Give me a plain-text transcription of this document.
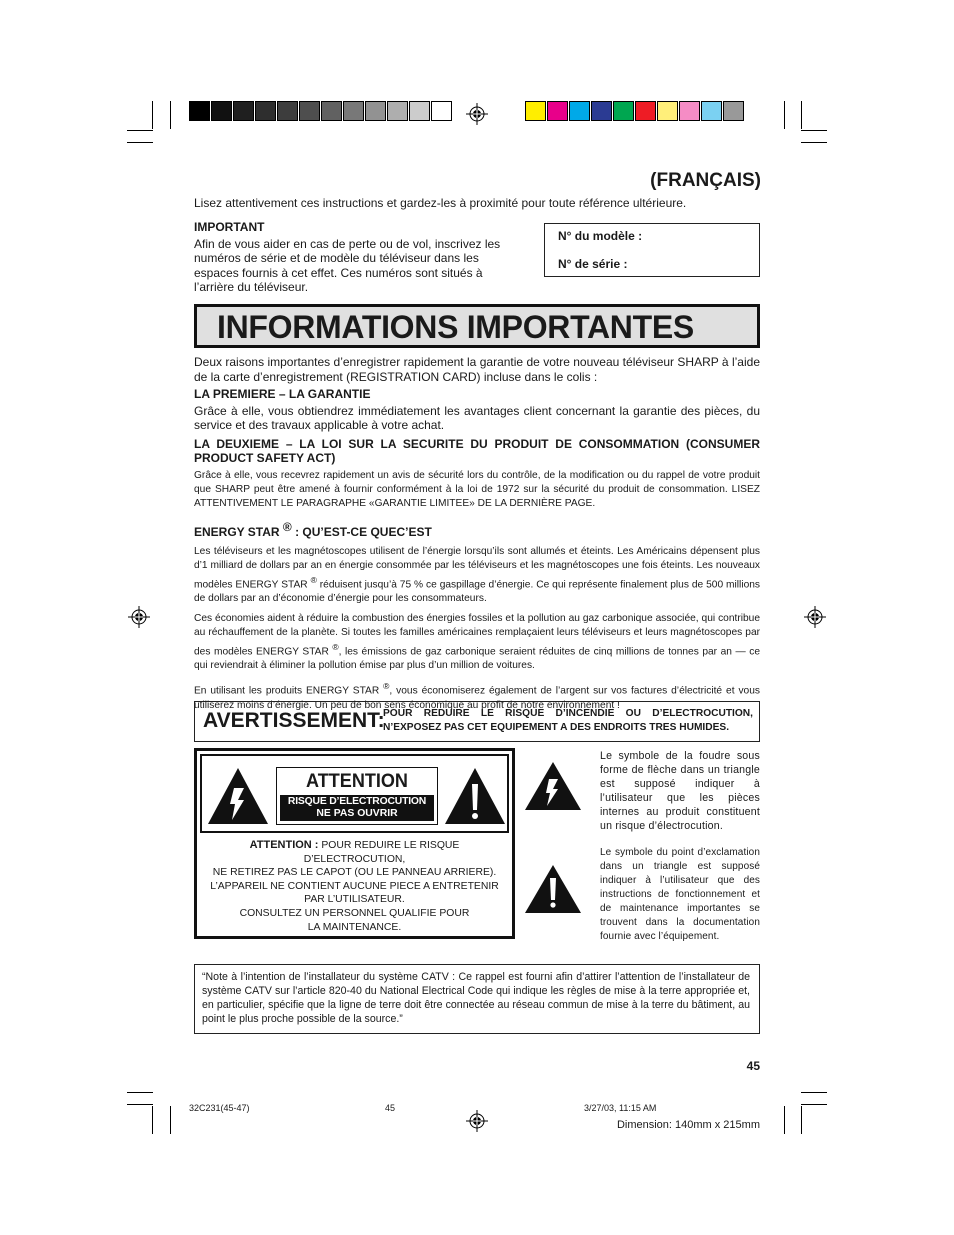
(FRANÇAIS)

Lisez attentivement ces instructions et gardez-les à proximité pour toute référence ultérieure.

IMPORTANT

Afin de vous aider en cas de perte ou de vol, inscrivez les numéros de série et de modèle du téléviseur dans les espaces fournis à cet effet. Ces numéros sont situés à l’arrière du téléviseur.

N° du modèle :

N° de série :

INFORMATIONS IMPORTANTES

Deux raisons importantes d’enregistrer rapidement la garantie de votre nouveau téléviseur SHARP à l’aide de la carte d’enregistrement (REGISTRATION CARD) incluse dans le colis :

LA PREMIERE – LA GARANTIE

Grâce à elle, vous obtiendrez immédiatement les avantages client concernant la garantie des pièces, du service et des travaux applicable à votre achat.

LA DEUXIEME – LA LOI SUR LA SECURITE DU PRODUIT DE CONSOMMATION (CONSUMER PRODUCT SAFETY ACT)

Grâce à elle, vous recevrez rapidement un avis de sécurité lors du contrôle, de la modification ou du rappel de votre produit que SHARP peut être amené à fournir conformément à la loi de 1972 sur la sécurité du produit de consommation. LISEZ ATTENTIVEMENT LE PARAGRAPHE «GARANTIE LIMITEE» DE LA DERNIÈRE PAGE.

ENERGY STAR ® : QU’EST-CE QUEC’EST

Les téléviseurs et les magnétoscopes utilisent de l’énergie lorsqu’ils sont allumés et éteints. Les Américains dépensent plus d’1 milliard de dollars par an en énergie consommée par les téléviseurs et les magnétoscopes une fois éteints. Les nouveaux modèles ENERGY STAR ® réduisent jusqu’à 75 % ce gaspillage d’énergie. Ce qui représente finalement plus de 500 millions de dollars par an d’économie d’énergie pour les consommateurs.

Ces économies aident à réduire la combustion des énergies fossiles et la pollution au gaz carbonique associée, qui contribue au réchauffement de la planète. Si toutes les familles américaines remplaçaient leurs téléviseurs et leurs magnétoscopes par des modèles ENERGY STAR ®, les émissions de gaz carbonique seraient réduites de cinq millions de tonnes par an — ce qui reviendrait à éliminer la pollution émise par plus d’un million de voitures.

En utilisant les produits ENERGY STAR ®, vous économiserez également de l’argent sur vos factures d’électricité et vous utiliserez moins d’énergie. Un peu de bon sens économique au profit de notre environnement !

AVERTISSEMENT:

POUR REDUIRE LE RISQUE D’INCENDIE OU D’ELECTROCUTION, N’EXPOSEZ PAS CET EQUIPEMENT A DES ENDROITS TRES HUMIDES.

ATTENTION
RISQUE D’ELECTROCUTION
NE PAS OUVRIR
ATTENTION : POUR REDUIRE LE RISQUE
D’ELECTROCUTION,
NE RETIREZ PAS LE CAPOT (OU LE PANNEAU ARRIERE).
L’APPAREIL NE CONTIENT AUCUNE PIECE A ENTRETENIR
PAR L’UTILISATEUR.
CONSULTEZ UN PERSONNEL QUALIFIE POUR
LA MAINTENANCE.

Le symbole de la foudre sous forme de flèche dans un triangle est supposé indiquer à l’utilisateur que les pièces internes au produit constituent un risque d’électrocution.

Le symbole du point d’exclamation dans un triangle est supposé indiquer à l’utilisateur que des instructions de fonctionnement et de maintenance importantes se trouvent dans la documentation fournie avec l’équipement.

“Note à l’intention de l’installateur du système CATV : Ce rappel est fourni afin d’attirer l’attention de l’installateur de système CATV sur l’article 820-40 du National Electrical Code qui indique les règles de mise à la terre appropriée et, en particulier, spécifie que la ligne de terre doit être connectée au réseau commun de mise à la terre du bâtiment, au point le plus proche possible de la source.”

45
32C231(45-47)	45	3/27/03, 11:15 AM
Dimension: 140mm x 215mm
